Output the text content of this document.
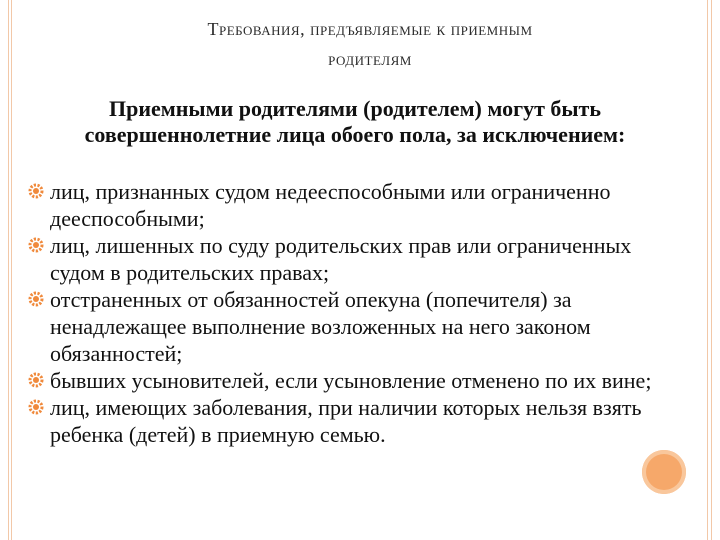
Требования, предъявляемые к приемным
родителям
Приемными родителями (родителем) могут быть совершеннолетние лица обоего пола, за исключением:
лиц, признанных судом недееспособными или ограниченно дееспособными;
лиц, лишенных по суду родительских прав или ограниченных судом в родительских правах;
отстраненных от обязанностей опекуна (попечителя) за ненадлежащее выполнение возложенных на него законом обязанностей;
бывших усыновителей, если усыновление отменено по их вине;
лиц, имеющих заболевания, при наличии которых нельзя взять ребенка (детей) в приемную семью.
